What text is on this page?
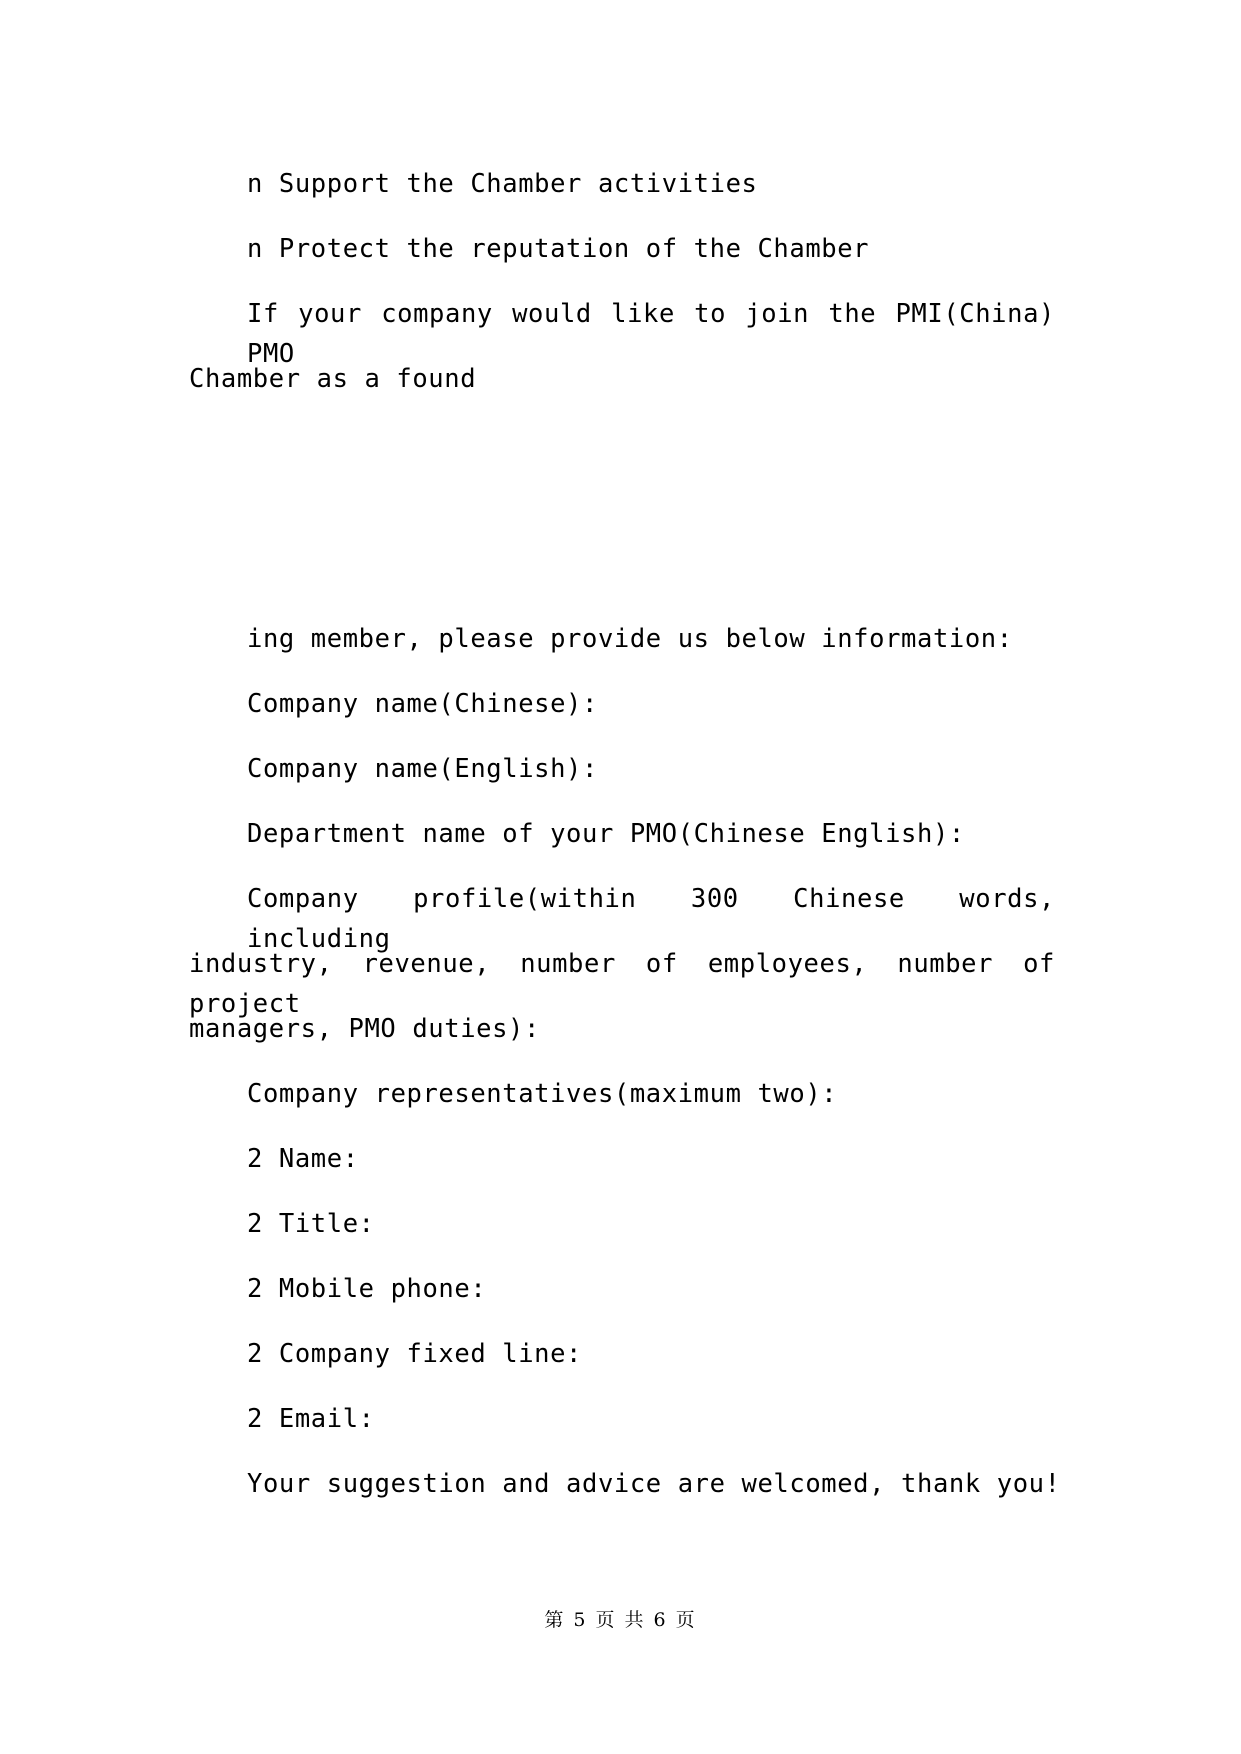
n Support the Chamber activities
n Protect the reputation of the Chamber
If your company would like to join the PMI(China) PMO
Chamber as a found
ing member, please provide us below information:
Company name(Chinese):
Company name(English):
Department name of your PMO(Chinese English):
Company profile(within 300 Chinese words, including
industry, revenue, number of employees, number of project
managers, PMO duties):
Company representatives(maximum two):
2 Name:
2 Title:
2 Mobile phone:
2 Company fixed line:
2 Email:
Your suggestion and advice are welcomed, thank you!
第 5 页 共 6 页
